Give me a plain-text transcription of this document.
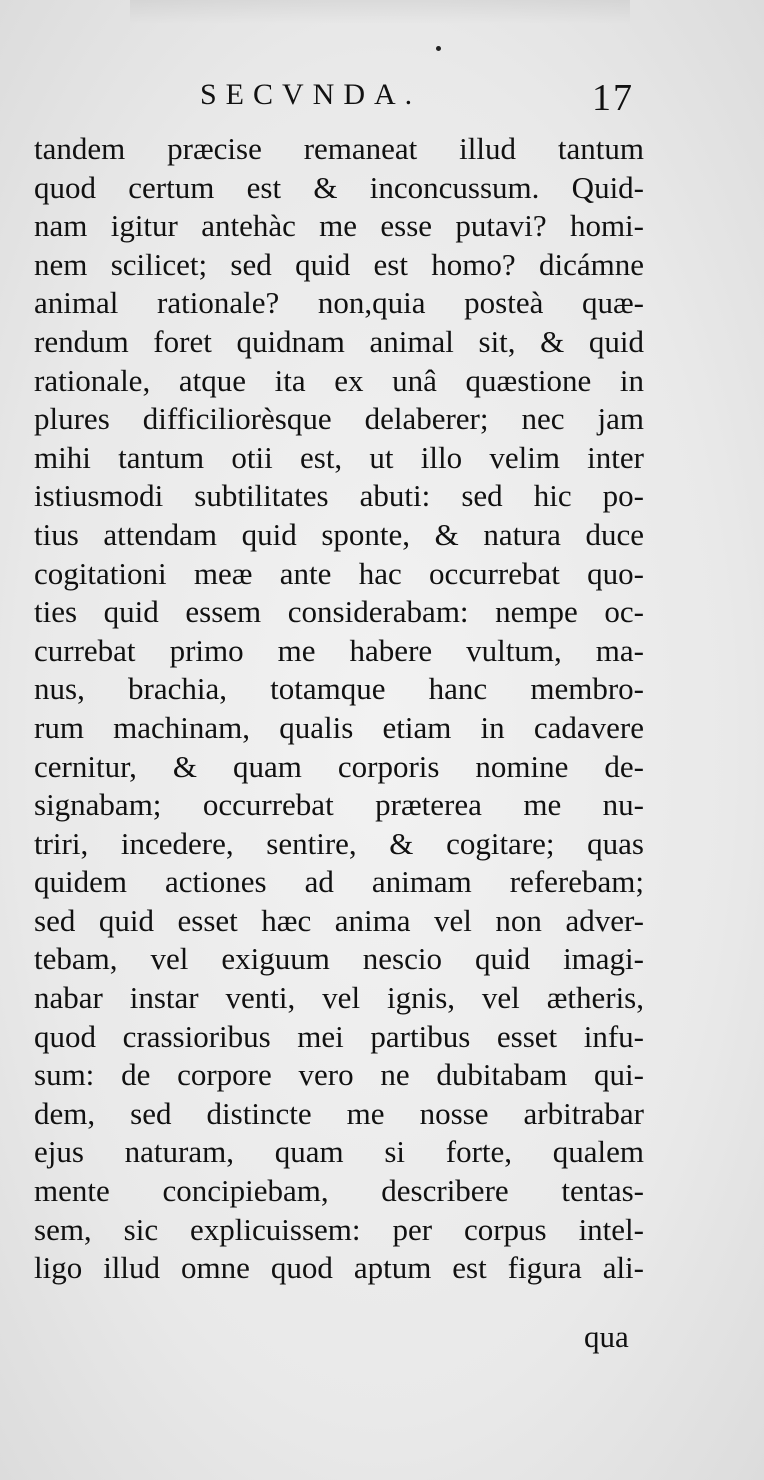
SECVNDA.	17
tandem præcise remaneat illud tantum
quod certum est & inconcussum. Quid-
nam igitur antehàc me esse putavi? homi-
nem scilicet; sed quid est homo? dicámne
animal rationale? non,quia posteà quæ-
rendum foret quidnam animal sit, & quid
rationale, atque ita ex unâ quæstione in
plures difficiliorèsque delaberer; nec jam
mihi tantum otii est, ut illo velim inter
istiusmodi subtilitates abuti: sed hic po-
tius attendam quid sponte, & natura duce
cogitationi meæ ante hac occurrebat quo-
ties quid essem considerabam: nempe oc-
currebat primo me habere vultum, ma-
nus, brachia, totamque hanc membro-
rum machinam, qualis etiam in cadavere
cernitur, & quam corporis nomine de-
signabam; occurrebat præterea me nu-
triri, incedere, sentire, & cogitare; quas
quidem actiones ad animam referebam;
sed quid esset hæc anima vel non adver-
tebam, vel exiguum nescio quid imagi-
nabar instar venti, vel ignis, vel ætheris,
quod crassioribus mei partibus esset infu-
sum: de corpore vero ne dubitabam qui-
dem, sed distincte me nosse arbitrabar
ejus naturam, quam si forte, qualem
mente concipiebam, describere tentas-
sem, sic explicuissem: per corpus intel-
ligo illud omne quod aptum est figura ali-
qua
